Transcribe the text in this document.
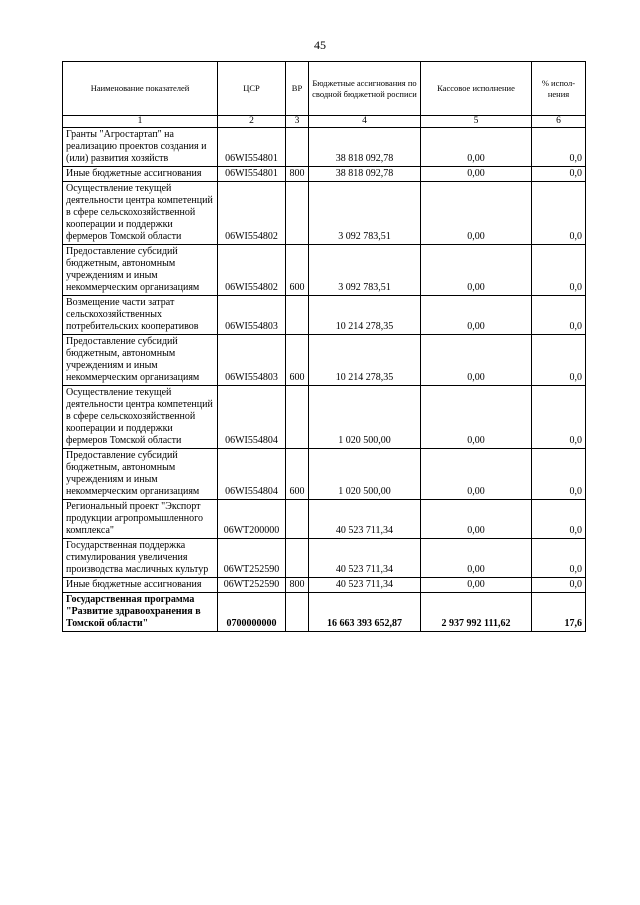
45
Наименование показателей	ЦСР	ВР	Бюджетные ассигнования по сводной бюджетной росписи	Кассовое исполнение	% испол-нения
1	2	3	4	5	6
Гранты "Агростартап" на реализацию проектов создания и (или) развития хозяйств	06WI554801		38 818 092,78	0,00	0,0
Иные бюджетные ассигнования	06WI554801	800	38 818 092,78	0,00	0,0
Осуществление текущей деятельности центра компетенций в сфере сельскохозяйственной кооперации и поддержки фермеров Томской области	06WI554802		3 092 783,51	0,00	0,0
Предоставление субсидий бюджетным, автономным учреждениям и иным некоммерческим организациям	06WI554802	600	3 092 783,51	0,00	0,0
Возмещение части затрат сельскохозяйственных потребительских кооперативов	06WI554803		10 214 278,35	0,00	0,0
Предоставление субсидий бюджетным, автономным учреждениям и иным некоммерческим организациям	06WI554803	600	10 214 278,35	0,00	0,0
Осуществление текущей деятельности центра компетенций в сфере сельскохозяйственной кооперации и поддержки фермеров Томской области	06WI554804		1 020 500,00	0,00	0,0
Предоставление субсидий бюджетным, автономным учреждениям и иным некоммерческим организациям	06WI554804	600	1 020 500,00	0,00	0,0
Региональный проект "Экспорт продукции агропромышленного комплекса"	06WT200000		40 523 711,34	0,00	0,0
Государственная поддержка стимулирования увеличения производства масличных культур	06WT252590		40 523 711,34	0,00	0,0
Иные бюджетные ассигнования	06WT252590	800	40 523 711,34	0,00	0,0
Государственная программа "Развитие здравоохранения в Томской области"	0700000000		16 663 393 652,87	2 937 992 111,62	17,6
